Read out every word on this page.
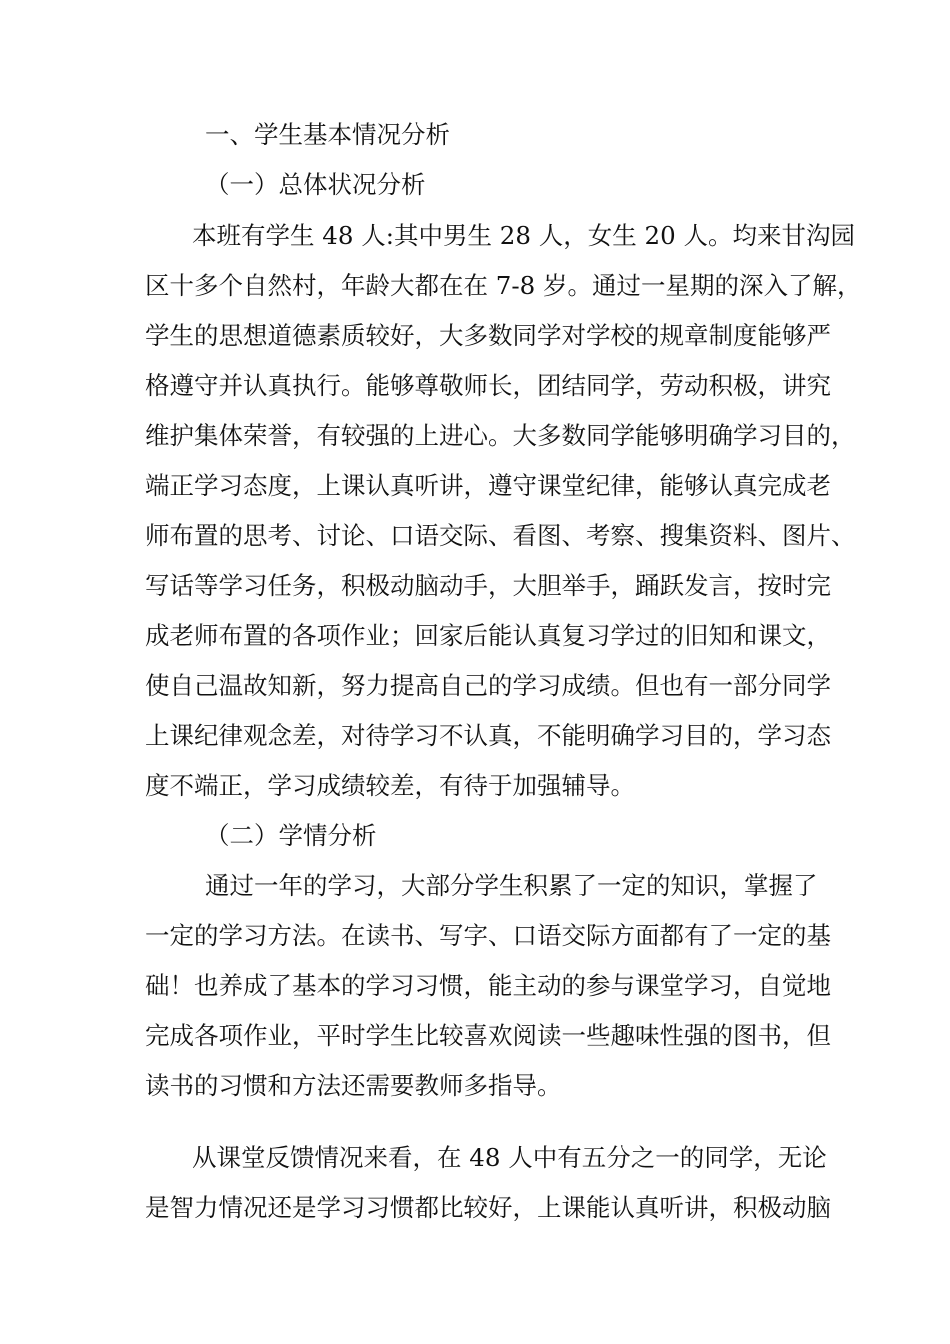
一、学生基本情况分析

（一）总体状况分析

本班有学生 48 人:其中男生 28 人，女生 20 人。均来甘沟园

区十多个自然村，年龄大都在在 7-8 岁。通过一星期的深入了解，

学生的思想道德素质较好，大多数同学对学校的规章制度能够严

格遵守并认真执行。能够尊敬师长，团结同学，劳动积极，讲究

维护集体荣誉，有较强的上进心。大多数同学能够明确学习目的，

端正学习态度，上课认真听讲，遵守课堂纪律，能够认真完成老

师布置的思考、讨论、口语交际、看图、考察、搜集资料、图片、

写话等学习任务，积极动脑动手，大胆举手，踊跃发言，按时完

成老师布置的各项作业；回家后能认真复习学过的旧知和课文，

使自己温故知新，努力提高自己的学习成绩。但也有一部分同学

上课纪律观念差，对待学习不认真，不能明确学习目的，学习态

度不端正，学习成绩较差，有待于加强辅导。

（二）学情分析

通过一年的学习，大部分学生积累了一定的知识，掌握了

一定的学习方法。在读书、写字、口语交际方面都有了一定的基

础！也养成了基本的学习习惯，能主动的参与课堂学习，自觉地

完成各项作业，平时学生比较喜欢阅读一些趣味性强的图书，但

读书的习惯和方法还需要教师多指导。

从课堂反馈情况来看，在 48 人中有五分之一的同学，无论

是智力情况还是学习习惯都比较好，上课能认真听讲，积极动脑
